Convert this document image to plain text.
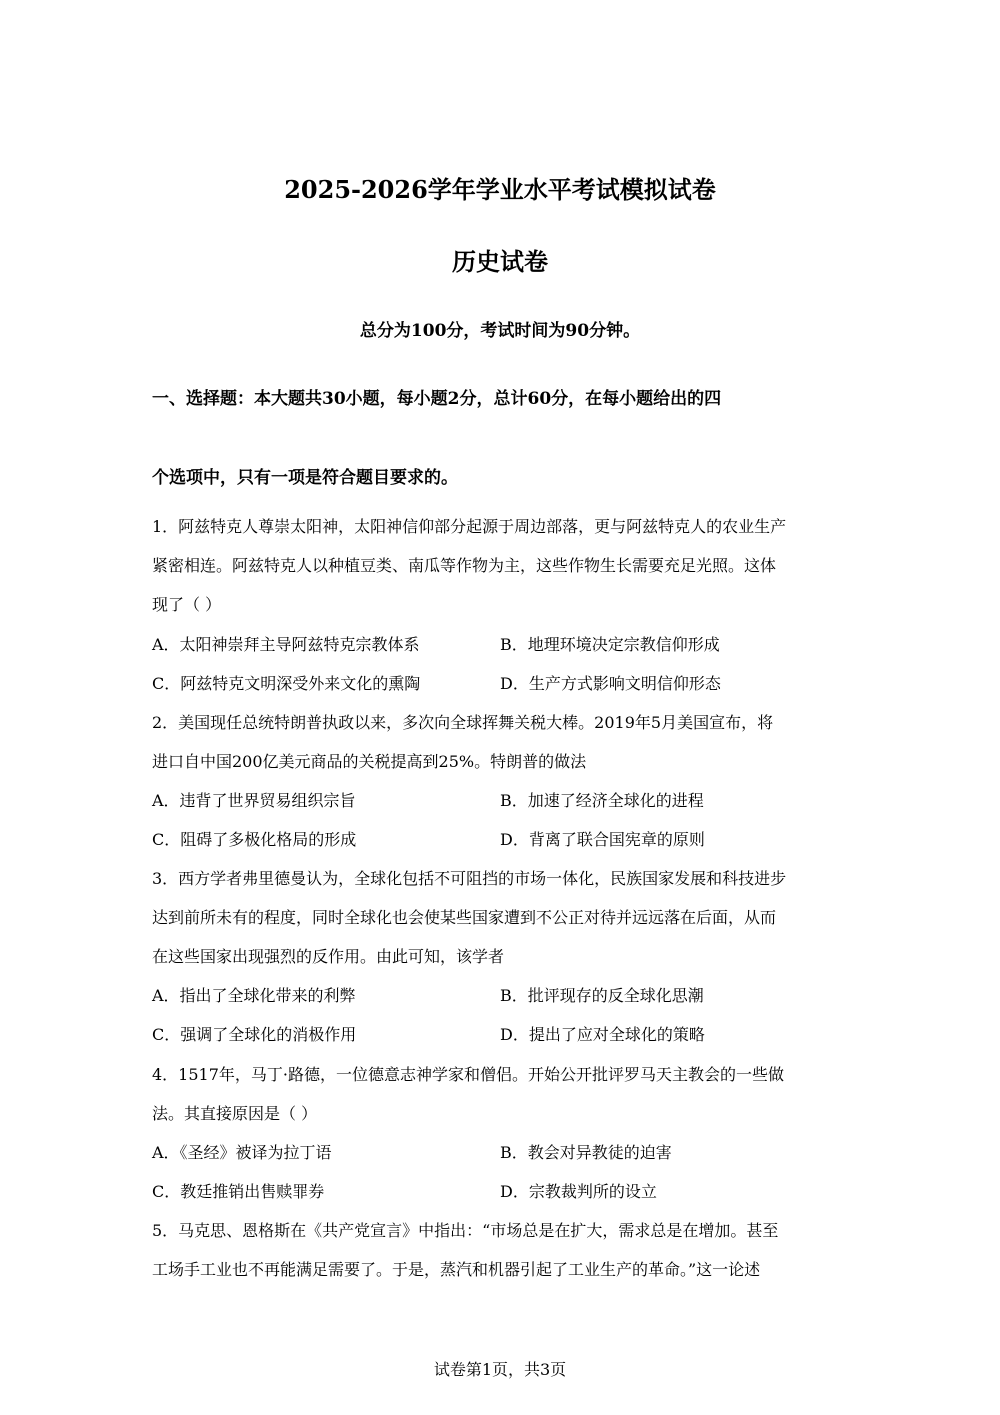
2025-2026学年学业水平考试模拟试卷
历史试卷
总分为100分，考试时间为90分钟。
一、选择题：本大题共30小题，每小题2分，总计60分，在每小题给出的四
个选项中，只有一项是符合题目要求的。
1．阿兹特克人尊崇太阳神，太阳神信仰部分起源于周边部落，更与阿兹特克人的农业生产
紧密相连。阿兹特克人以种植豆类、南瓜等作物为主，这些作物生长需要充足光照。这体
现了（ ）
A．太阳神崇拜主导阿兹特克宗教体系	B．地理环境决定宗教信仰形成
C．阿兹特克文明深受外来文化的熏陶	D．生产方式影响文明信仰形态
2．美国现任总统特朗普执政以来，多次向全球挥舞关税大棒。2019年5月美国宣布，将
进口自中国200亿美元商品的关税提高到25%。特朗普的做法
A．违背了世界贸易组织宗旨	B．加速了经济全球化的进程
C．阻碍了多极化格局的形成	D．背离了联合国宪章的原则
3．西方学者弗里德曼认为，全球化包括不可阻挡的市场一体化，民族国家发展和科技进步
达到前所未有的程度，同时全球化也会使某些国家遭到不公正对待并远远落在后面，从而
在这些国家出现强烈的反作用。由此可知，该学者
A．指出了全球化带来的利弊	B．批评现存的反全球化思潮
C．强调了全球化的消极作用	D．提出了应对全球化的策略
4．1517年，马丁·路德，一位德意志神学家和僧侣。开始公开批评罗马天主教会的一些做
法。其直接原因是（ ）
A．《圣经》被译为拉丁语	B．教会对异教徒的迫害
C．教廷推销出售赎罪券	D．宗教裁判所的设立
5．马克思、恩格斯在《共产党宣言》中指出：“市场总是在扩大，需求总是在增加。甚至
工场手工业也不再能满足需要了。于是，蒸汽和机器引起了工业生产的革命。”这一论述
试卷第1页，共3页
